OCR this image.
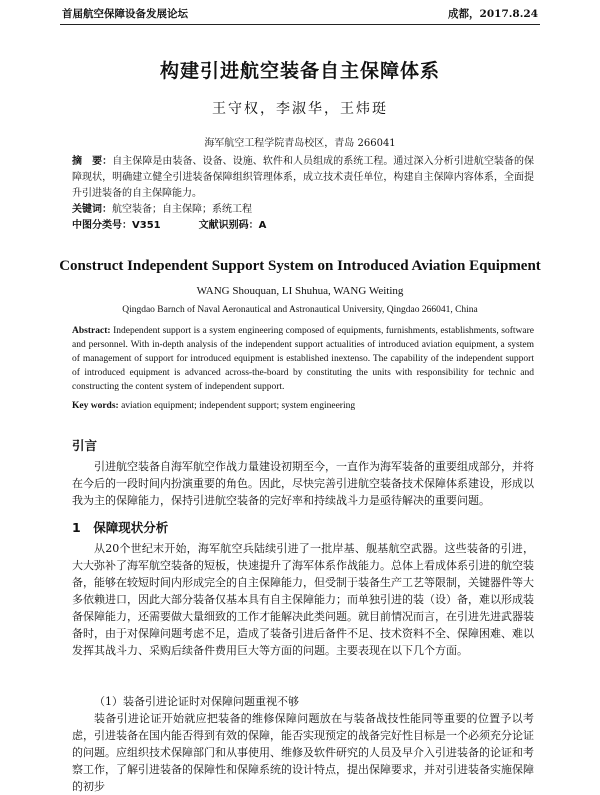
首届航空保障设备发展论坛	成都，2017.8.24
构建引进航空装备自主保障体系
王守权，李淑华，王炜珽
海军航空工程学院青岛校区，青岛 266041
摘　要：自主保障是由装备、设备、设施、软件和人员组成的系统工程。通过深入分析引进航空装备的保障现状，明确建立健全引进装备保障组织管理体系，成立技术责任单位，构建自主保障内容体系，全面提升引进装备的自主保障能力。
关键词：航空装备；自主保障；系统工程
中图分类号：V351	文献识别码：A
Construct Independent Support System on Introduced Aviation Equipment
WANG Shouquan, LI Shuhua, WANG Weiting
Qingdao Barnch of Naval Aeronautical and Astronautical University, Qingdao 266041, China
Abstract: Independent support is a system engineering composed of equipments, furnishments, establishments, software and personnel. With in-depth analysis of the independent support actualities of introduced aviation equipment, a system of management of support for introduced equipment is established inextenso. The capability of the independent support of introduced equipment is advanced across-the-board by constituting the units with responsibility for technic and constructing the content system of independent support.
Key words: aviation equipment; independent support; system engineering
引言
引进航空装备自海军航空作战力量建设初期至今，一直作为海军装备的重要组成部分，并将在今后的一段时间内扮演重要的角色。因此，尽快完善引进航空装备技术保障体系建设，形成以我为主的保障能力，保持引进航空装备的完好率和持续战斗力是亟待解决的重要问题。
1　保障现状分析
从20个世纪末开始，海军航空兵陆续引进了一批岸基、舰基航空武器。这些装备的引进，大大弥补了海军航空装备的短板，快速提升了海军体系作战能力。总体上看成体系引进的航空装备，能够在较短时间内形成完全的自主保障能力，但受制于装备生产工艺等限制，关键器件等大多依赖进口，因此大部分装备仅基本具有自主保障能力；而单独引进的装（设）备，难以形成装备保障能力，还需要做大量细致的工作才能解决此类问题。就目前情况而言，在引进先进武器装备时，由于对保障问题考虑不足，造成了装备引进后备件不足、技术资料不全、保障困难、难以发挥其战斗力、采购后续备件费用巨大等方面的问题。主要表现在以下几个方面。
（1）装备引进论证时对保障问题重视不够
装备引进论证开始就应把装备的维修保障问题放在与装备战技性能同等重要的位置予以考虑，引进装备在国内能否得到有效的保障，能否实现预定的战备完好性目标是一个必须充分论证的问题。应组织技术保障部门和从事使用、维修及软件研究的人员及早介入引进装备的论证和考察工作，了解引进装备的保障性和保障系统的设计特点，提出保障要求，并对引进装备实施保障的初步
